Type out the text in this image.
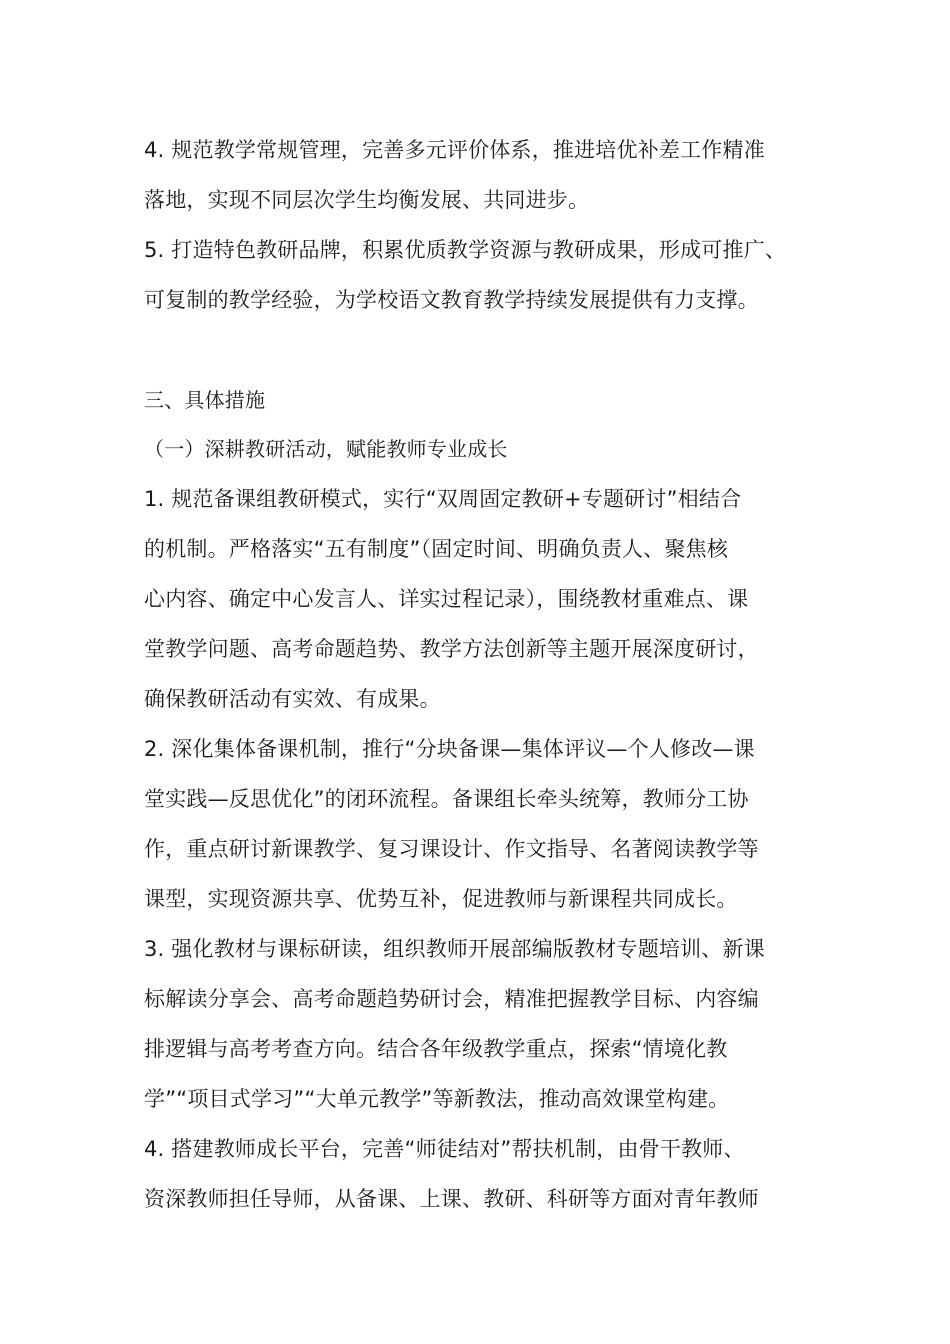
4. 规范教学常规管理，完善多元评价体系，推进培优补差工作精准
落地，实现不同层次学生均衡发展、共同进步。
5. 打造特色教研品牌，积累优质教学资源与教研成果，形成可推广、
可复制的教学经验，为学校语文教育教学持续发展提供有力支撑。
三、具体措施
（一）深耕教研活动，赋能教师专业成长
1. 规范备课组教研模式，实行“双周固定教研+专题研讨”相结合
的机制。严格落实“五有制度”（固定时间、明确负责人、聚焦核
心内容、确定中心发言人、详实过程记录），围绕教材重难点、课
堂教学问题、高考命题趋势、教学方法创新等主题开展深度研讨，
确保教研活动有实效、有成果。
2. 深化集体备课机制，推行“分块备课—集体评议—个人修改—课
堂实践—反思优化”的闭环流程。备课组长牵头统筹，教师分工协
作，重点研讨新课教学、复习课设计、作文指导、名著阅读教学等
课型，实现资源共享、优势互补，促进教师与新课程共同成长。
3. 强化教材与课标研读，组织教师开展部编版教材专题培训、新课
标解读分享会、高考命题趋势研讨会，精准把握教学目标、内容编
排逻辑与高考考查方向。结合各年级教学重点，探索“情境化教
学”“项目式学习”“大单元教学”等新教法，推动高效课堂构建。
4. 搭建教师成长平台，完善“师徒结对”帮扶机制，由骨干教师、
资深教师担任导师，从备课、上课、教研、科研等方面对青年教师
